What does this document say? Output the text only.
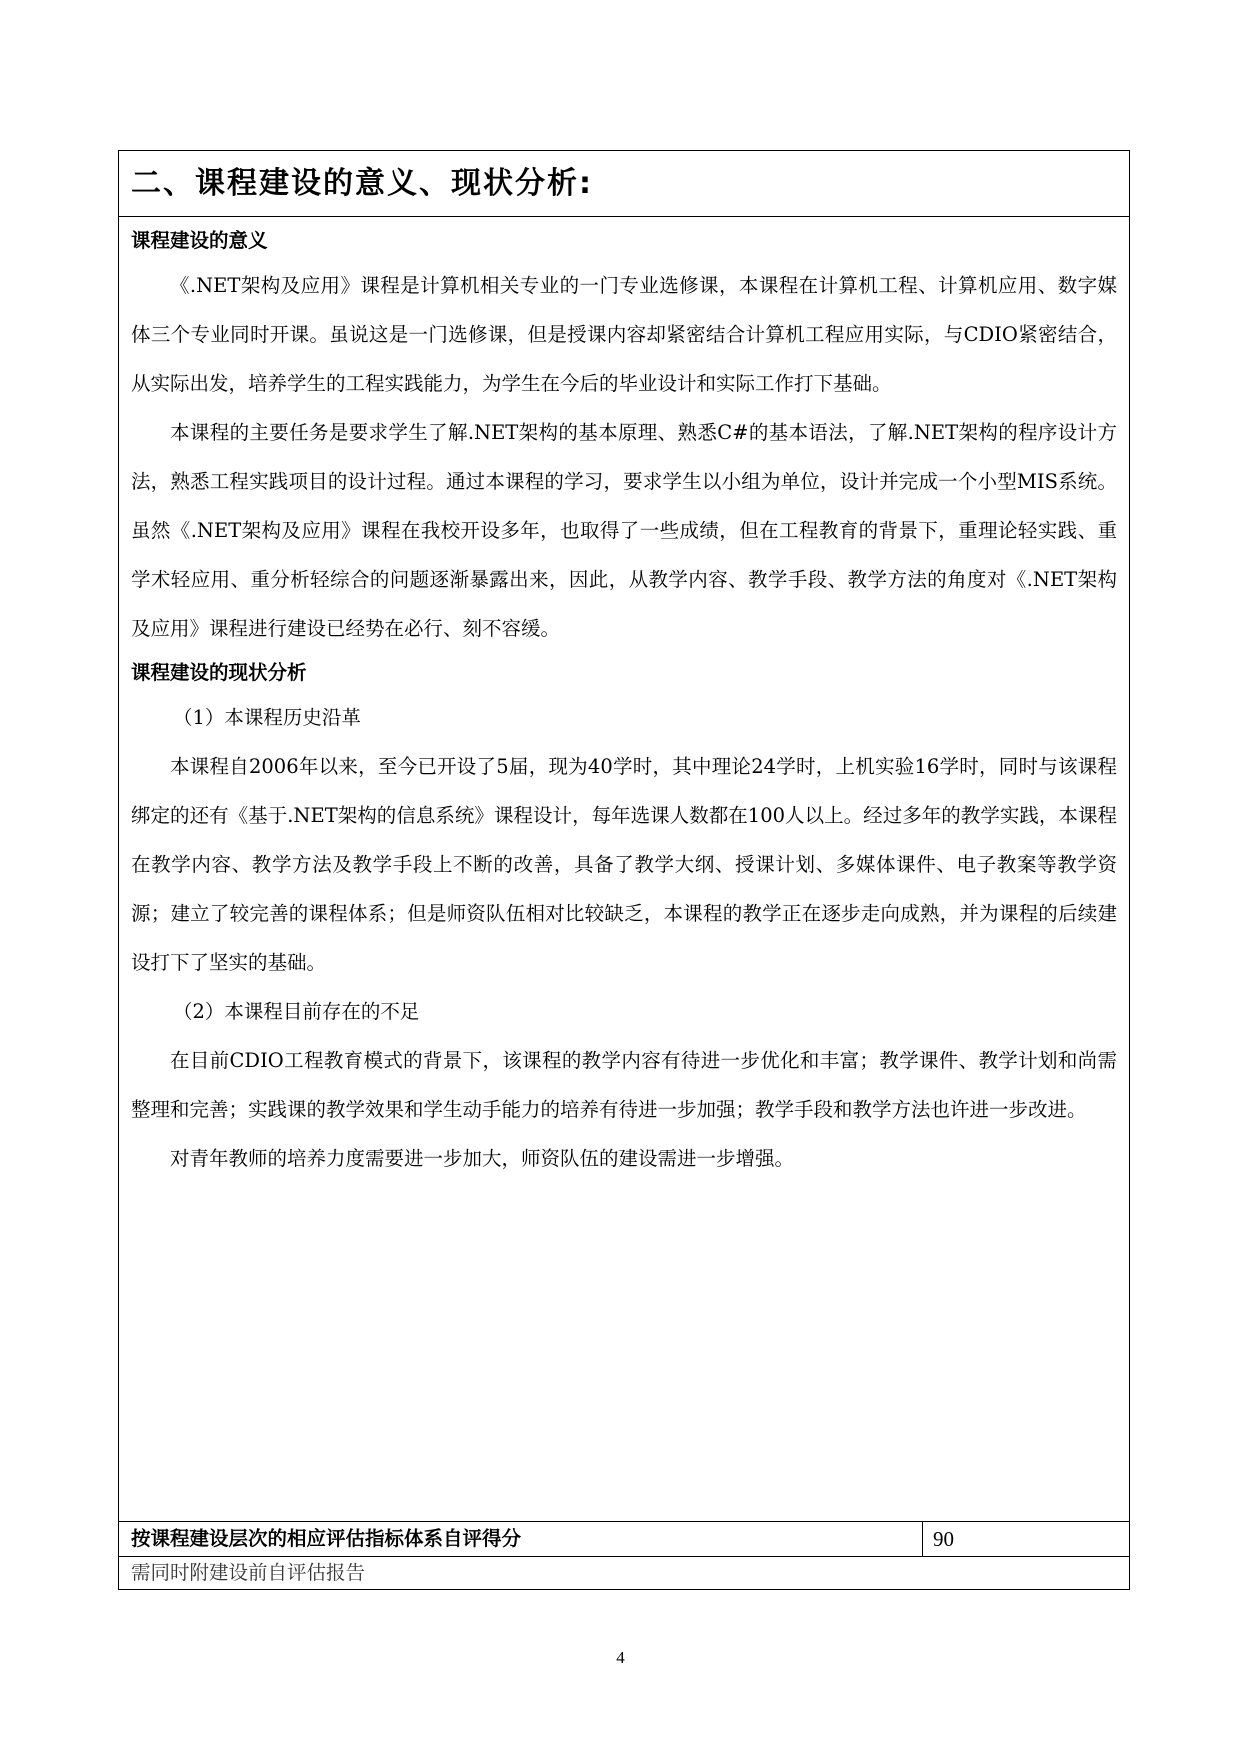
二、课程建设的意义、现状分析:
课程建设的意义

《.NET架构及应用》课程是计算机相关专业的一门专业选修课，本课程在计算机工程、计算机应用、数字媒体三个专业同时开课。虽说这是一门选修课，但是授课内容却紧密结合计算机工程应用实际，与CDIO紧密结合，从实际出发，培养学生的工程实践能力，为学生在今后的毕业设计和实际工作打下基础。

本课程的主要任务是要求学生了解.NET架构的基本原理、熟悉C#的基本语法，了解.NET架构的程序设计方法，熟悉工程实践项目的设计过程。通过本课程的学习，要求学生以小组为单位，设计并完成一个小型MIS系统。虽然《.NET架构及应用》课程在我校开设多年，也取得了一些成绩，但在工程教育的背景下，重理论轻实践、重学术轻应用、重分析轻综合的问题逐渐暴露出来，因此，从教学内容、教学手段、教学方法的角度对《.NET架构及应用》课程进行建设已经势在必行、刻不容缓。

课程建设的现状分析

（1）本课程历史沿革

本课程自2006年以来，至今已开设了5届，现为40学时，其中理论24学时，上机实验16学时，同时与该课程绑定的还有《基于.NET架构的信息系统》课程设计，每年选课人数都在100人以上。经过多年的教学实践，本课程在教学内容、教学方法及教学手段上不断的改善，具备了教学大纲、授课计划、多媒体课件、电子教案等教学资源；建立了较完善的课程体系；但是师资队伍相对比较缺乏，本课程的教学正在逐步走向成熟，并为课程的后续建设打下了坚实的基础。

（2）本课程目前存在的不足

在目前CDIO工程教育模式的背景下，该课程的教学内容有待进一步优化和丰富；教学课件、教学计划和尚需整理和完善；实践课的教学效果和学生动手能力的培养有待进一步加强；教学手段和教学方法也许进一步改进。

对青年教师的培养力度需要进一步加大，师资队伍的建设需进一步增强。

按课程建设层次的相应评估指标体系自评得分	90
需同时附建设前自评估报告
4
